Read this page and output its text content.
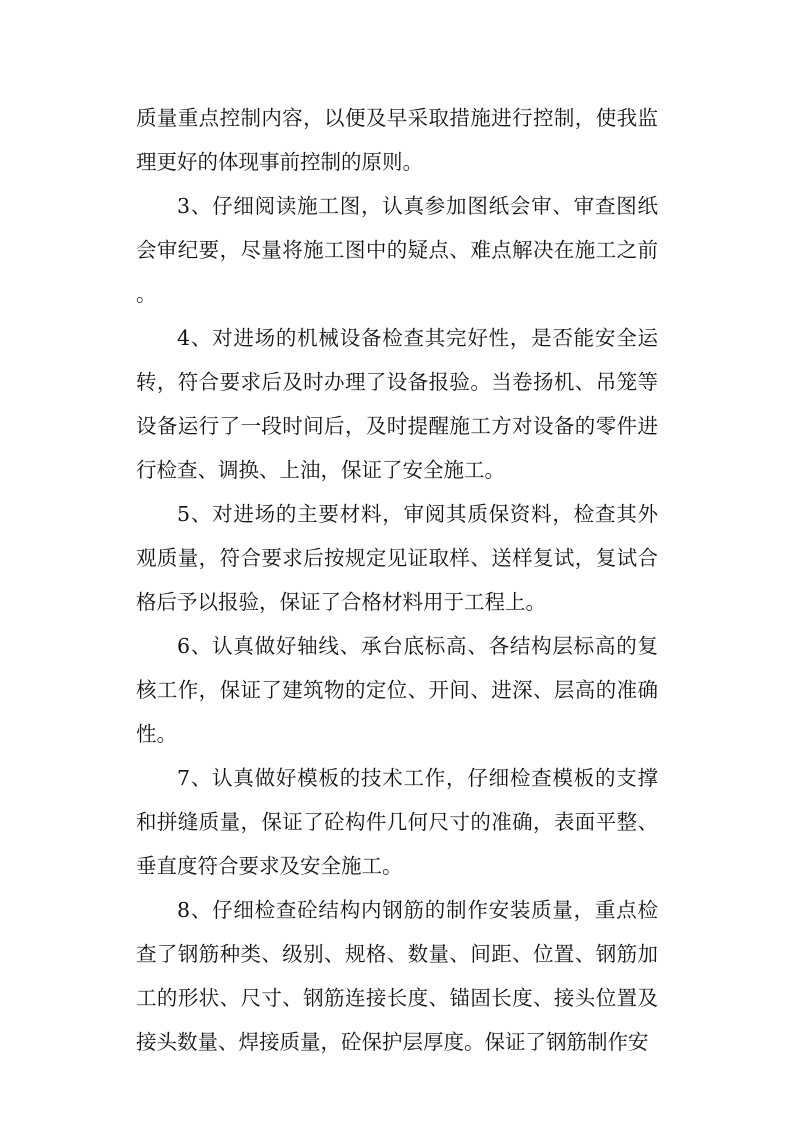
质量重点控制内容，以便及早采取措施进行控制，使我监理更好的体现事前控制的原则。

3、仔细阅读施工图，认真参加图纸会审、审查图纸会审纪要，尽量将施工图中的疑点、难点解决在施工之前。

4、对进场的机械设备检查其完好性，是否能安全运转，符合要求后及时办理了设备报验。当卷扬机、吊笼等设备运行了一段时间后，及时提醒施工方对设备的零件进行检查、调换、上油，保证了安全施工。

5、对进场的主要材料，审阅其质保资料，检查其外观质量，符合要求后按规定见证取样、送样复试，复试合格后予以报验，保证了合格材料用于工程上。

6、认真做好轴线、承台底标高、各结构层标高的复核工作，保证了建筑物的定位、开间、进深、层高的准确性。

7、认真做好模板的技术工作，仔细检查模板的支撑和拼缝质量，保证了砼构件几何尺寸的准确，表面平整、垂直度符合要求及安全施工。

8、仔细检查砼结构内钢筋的制作安装质量，重点检查了钢筋种类、级别、规格、数量、间距、位置、钢筋加工的形状、尺寸、钢筋连接长度、锚固长度、接头位置及接头数量、焊接质量，砼保护层厚度。保证了钢筋制作安
